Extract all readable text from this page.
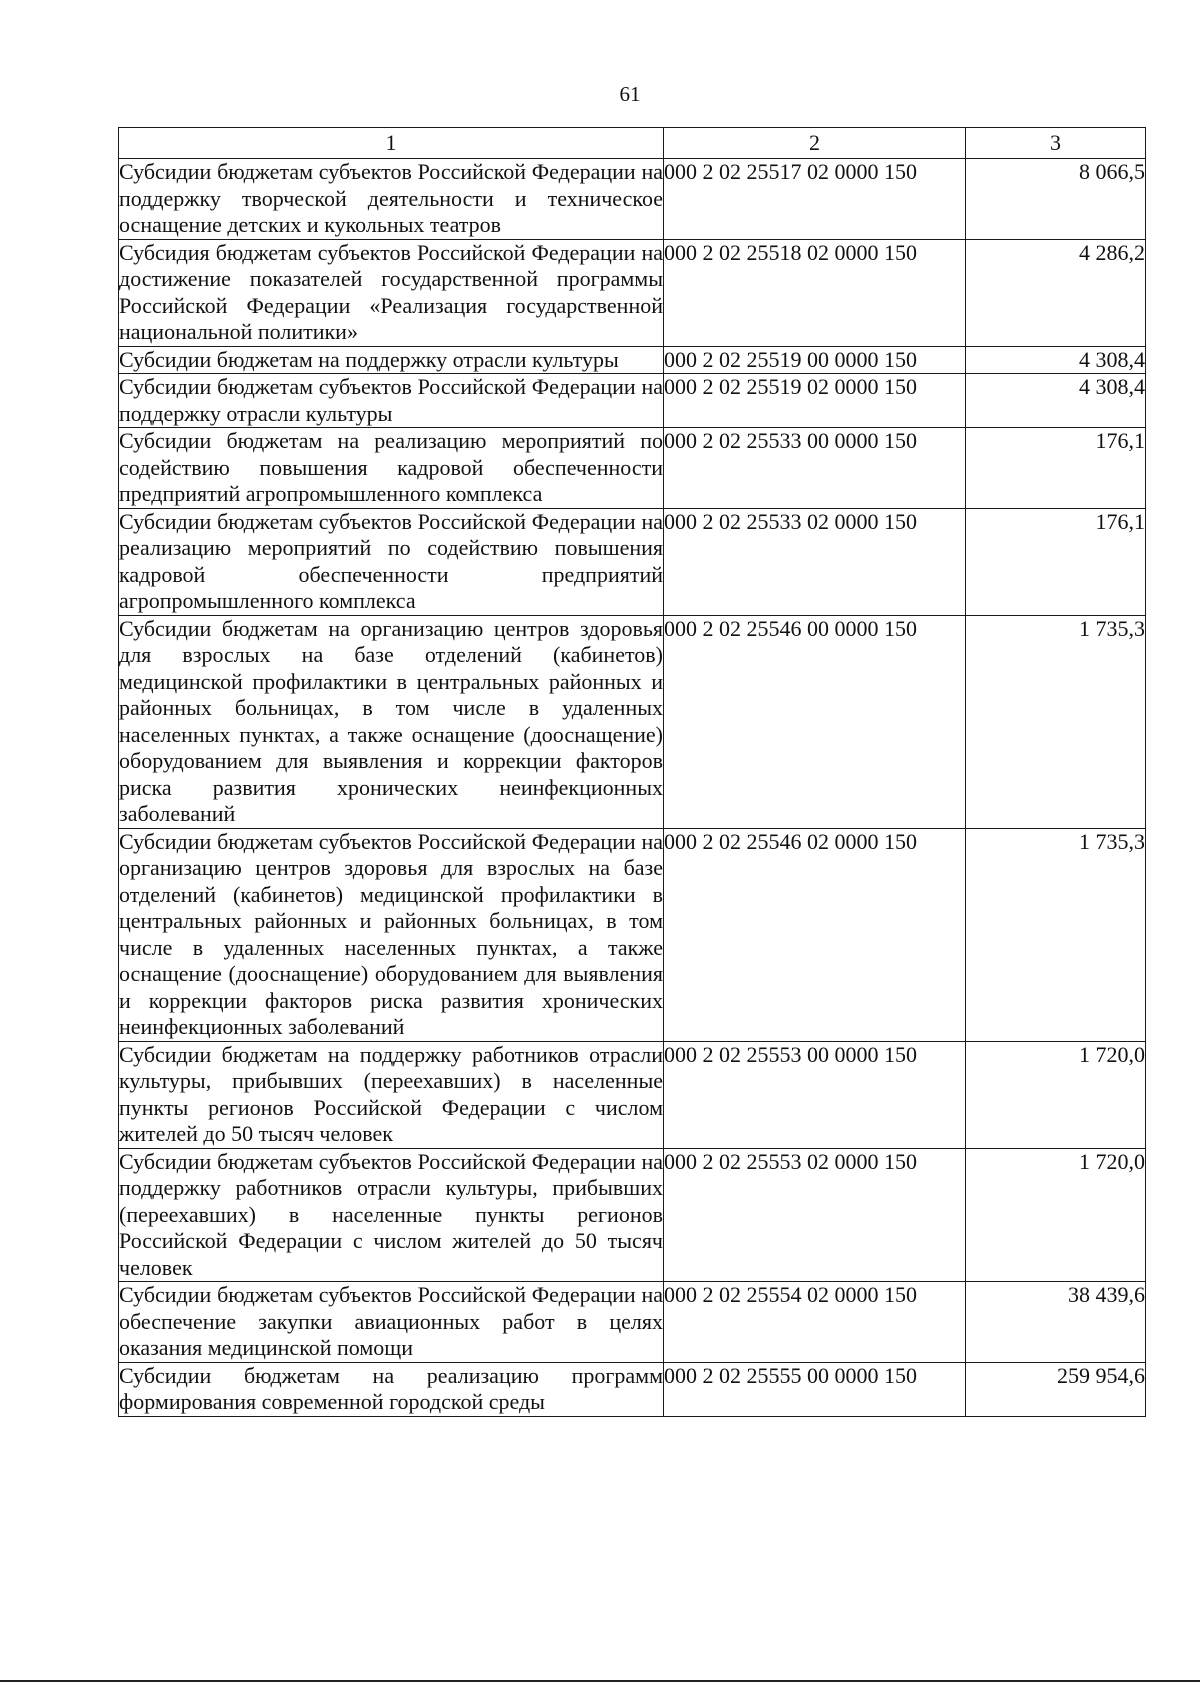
61
1	2	3
Субсидии бюджетам субъектов Российской Федерации на поддержку творческой деятельности и техническое оснащение детских и кукольных театров	000 2 02 25517 02 0000 150	8 066,5
Субсидия бюджетам субъектов Российской Федерации на достижение показателей государственной программы Российской Федерации «Реализация государственной национальной политики»	000 2 02 25518 02 0000 150	4 286,2
Субсидии бюджетам на поддержку отрасли культуры	000 2 02 25519 00 0000 150	4 308,4
Субсидии бюджетам субъектов Российской Федерации на поддержку отрасли культуры	000 2 02 25519 02 0000 150	4 308,4
Субсидии бюджетам на реализацию мероприятий по содействию повышения кадровой обеспеченности предприятий агропромышленного комплекса	000 2 02 25533 00 0000 150	176,1
Субсидии бюджетам субъектов Российской Федерации на реализацию мероприятий по содействию повышения кадровой обеспеченности предприятий агропромышленного комплекса	000 2 02 25533 02 0000 150	176,1
Субсидии бюджетам на организацию центров здоровья для взрослых на базе отделений (кабинетов) медицинской профилактики в центральных районных и районных больницах, в том числе в удаленных населенных пунктах, а также оснащение (дооснащение) оборудованием для выявления и коррекции факторов риска развития хронических неинфекционных заболеваний	000 2 02 25546 00 0000 150	1 735,3
Субсидии бюджетам субъектов Российской Федерации на организацию центров здоровья для взрослых на базе отделений (кабинетов) медицинской профилактики в центральных районных и районных больницах, в том числе в удаленных населенных пунктах, а также оснащение (дооснащение) оборудованием для выявления и коррекции факторов риска развития хронических неинфекционных заболеваний	000 2 02 25546 02 0000 150	1 735,3
Субсидии бюджетам на поддержку работников отрасли культуры, прибывших (переехавших) в населенные пункты регионов Российской Федерации с числом жителей до 50 тысяч человек	000 2 02 25553 00 0000 150	1 720,0
Субсидии бюджетам субъектов Российской Федерации на поддержку работников отрасли культуры, прибывших (переехавших) в населенные пункты регионов Российской Федерации с числом жителей до 50 тысяч человек	000 2 02 25553 02 0000 150	1 720,0
Субсидии бюджетам субъектов Российской Федерации на обеспечение закупки авиационных работ в целях оказания медицинской помощи	000 2 02 25554 02 0000 150	38 439,6
Субсидии бюджетам на реализацию программ формирования современной городской среды	000 2 02 25555 00 0000 150	259 954,6
